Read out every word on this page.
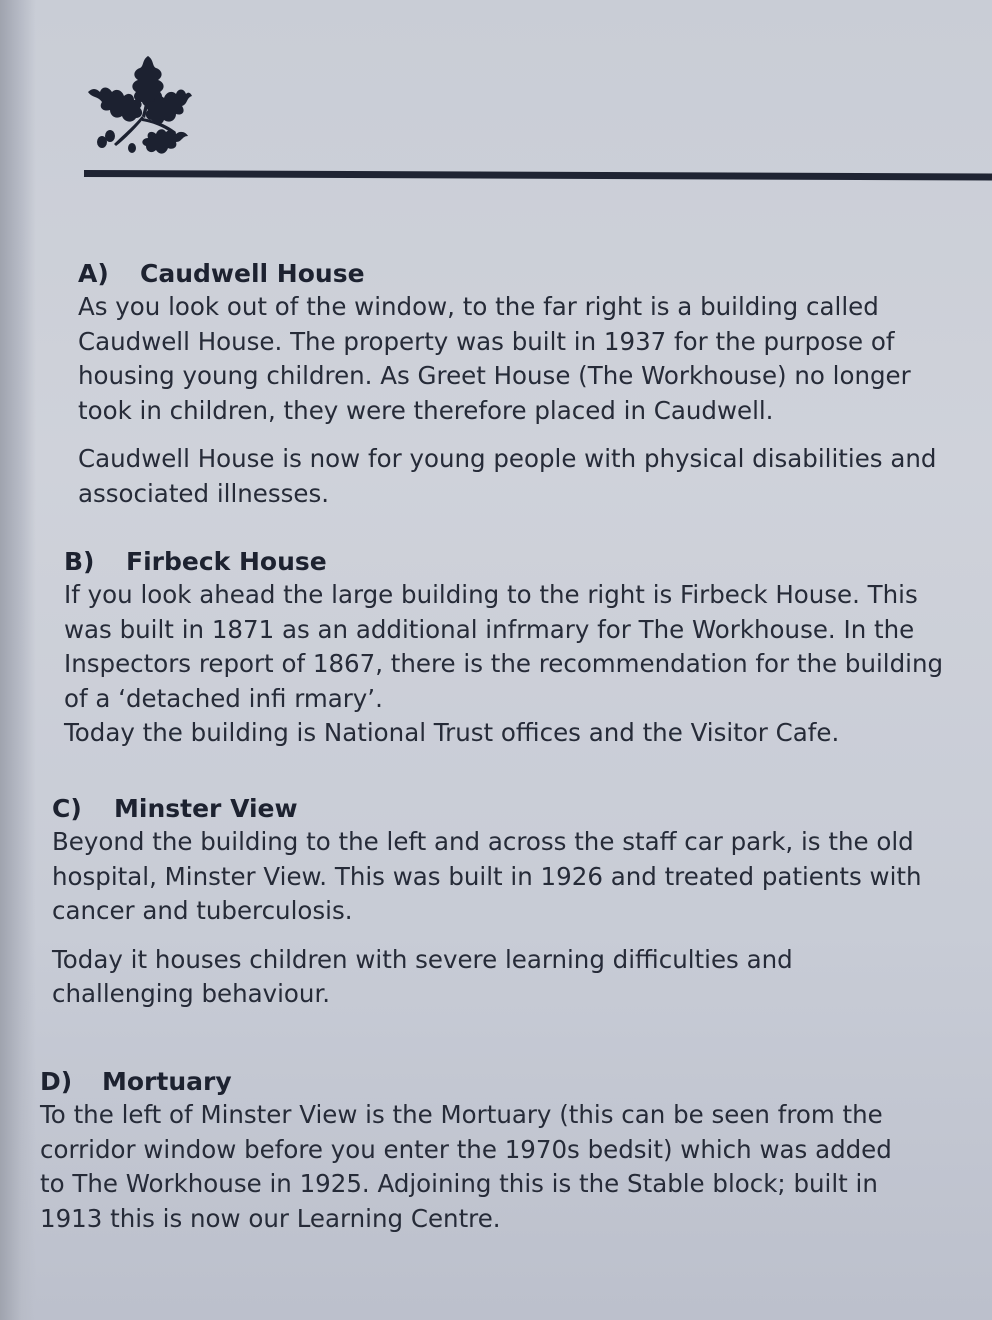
A)	Caudwell House

As you look out of the window, to the far right is a building called Caudwell House. The property was built in 1937 for the purpose of housing young children. As Greet House (The Workhouse) no longer took in children, they were therefore placed in Caudwell.

Caudwell House is now for young people with physical disabilities and associated illnesses.

B)	Firbeck House

If you look ahead the large building to the right is Firbeck House. This was built in 1871 as an additional infrmary for The Workhouse. In the Inspectors report of 1867, there is the recommendation for the building of a ‘detached infi rmary’.

Today the building is National Trust offices and the Visitor Cafe.

C)	Minster View

Beyond the building to the left and across the staff car park, is the old hospital, Minster View. This was built in 1926 and treated patients with cancer and tuberculosis.

Today it houses children with severe learning difficulties and challenging behaviour.

D)	Mortuary

To the left of Minster View is the Mortuary (this can be seen from the corridor window before you enter the 1970s bedsit) which was added to The Workhouse in 1925. Adjoining this is the Stable block; built in 1913 this is now our Learning Centre.
